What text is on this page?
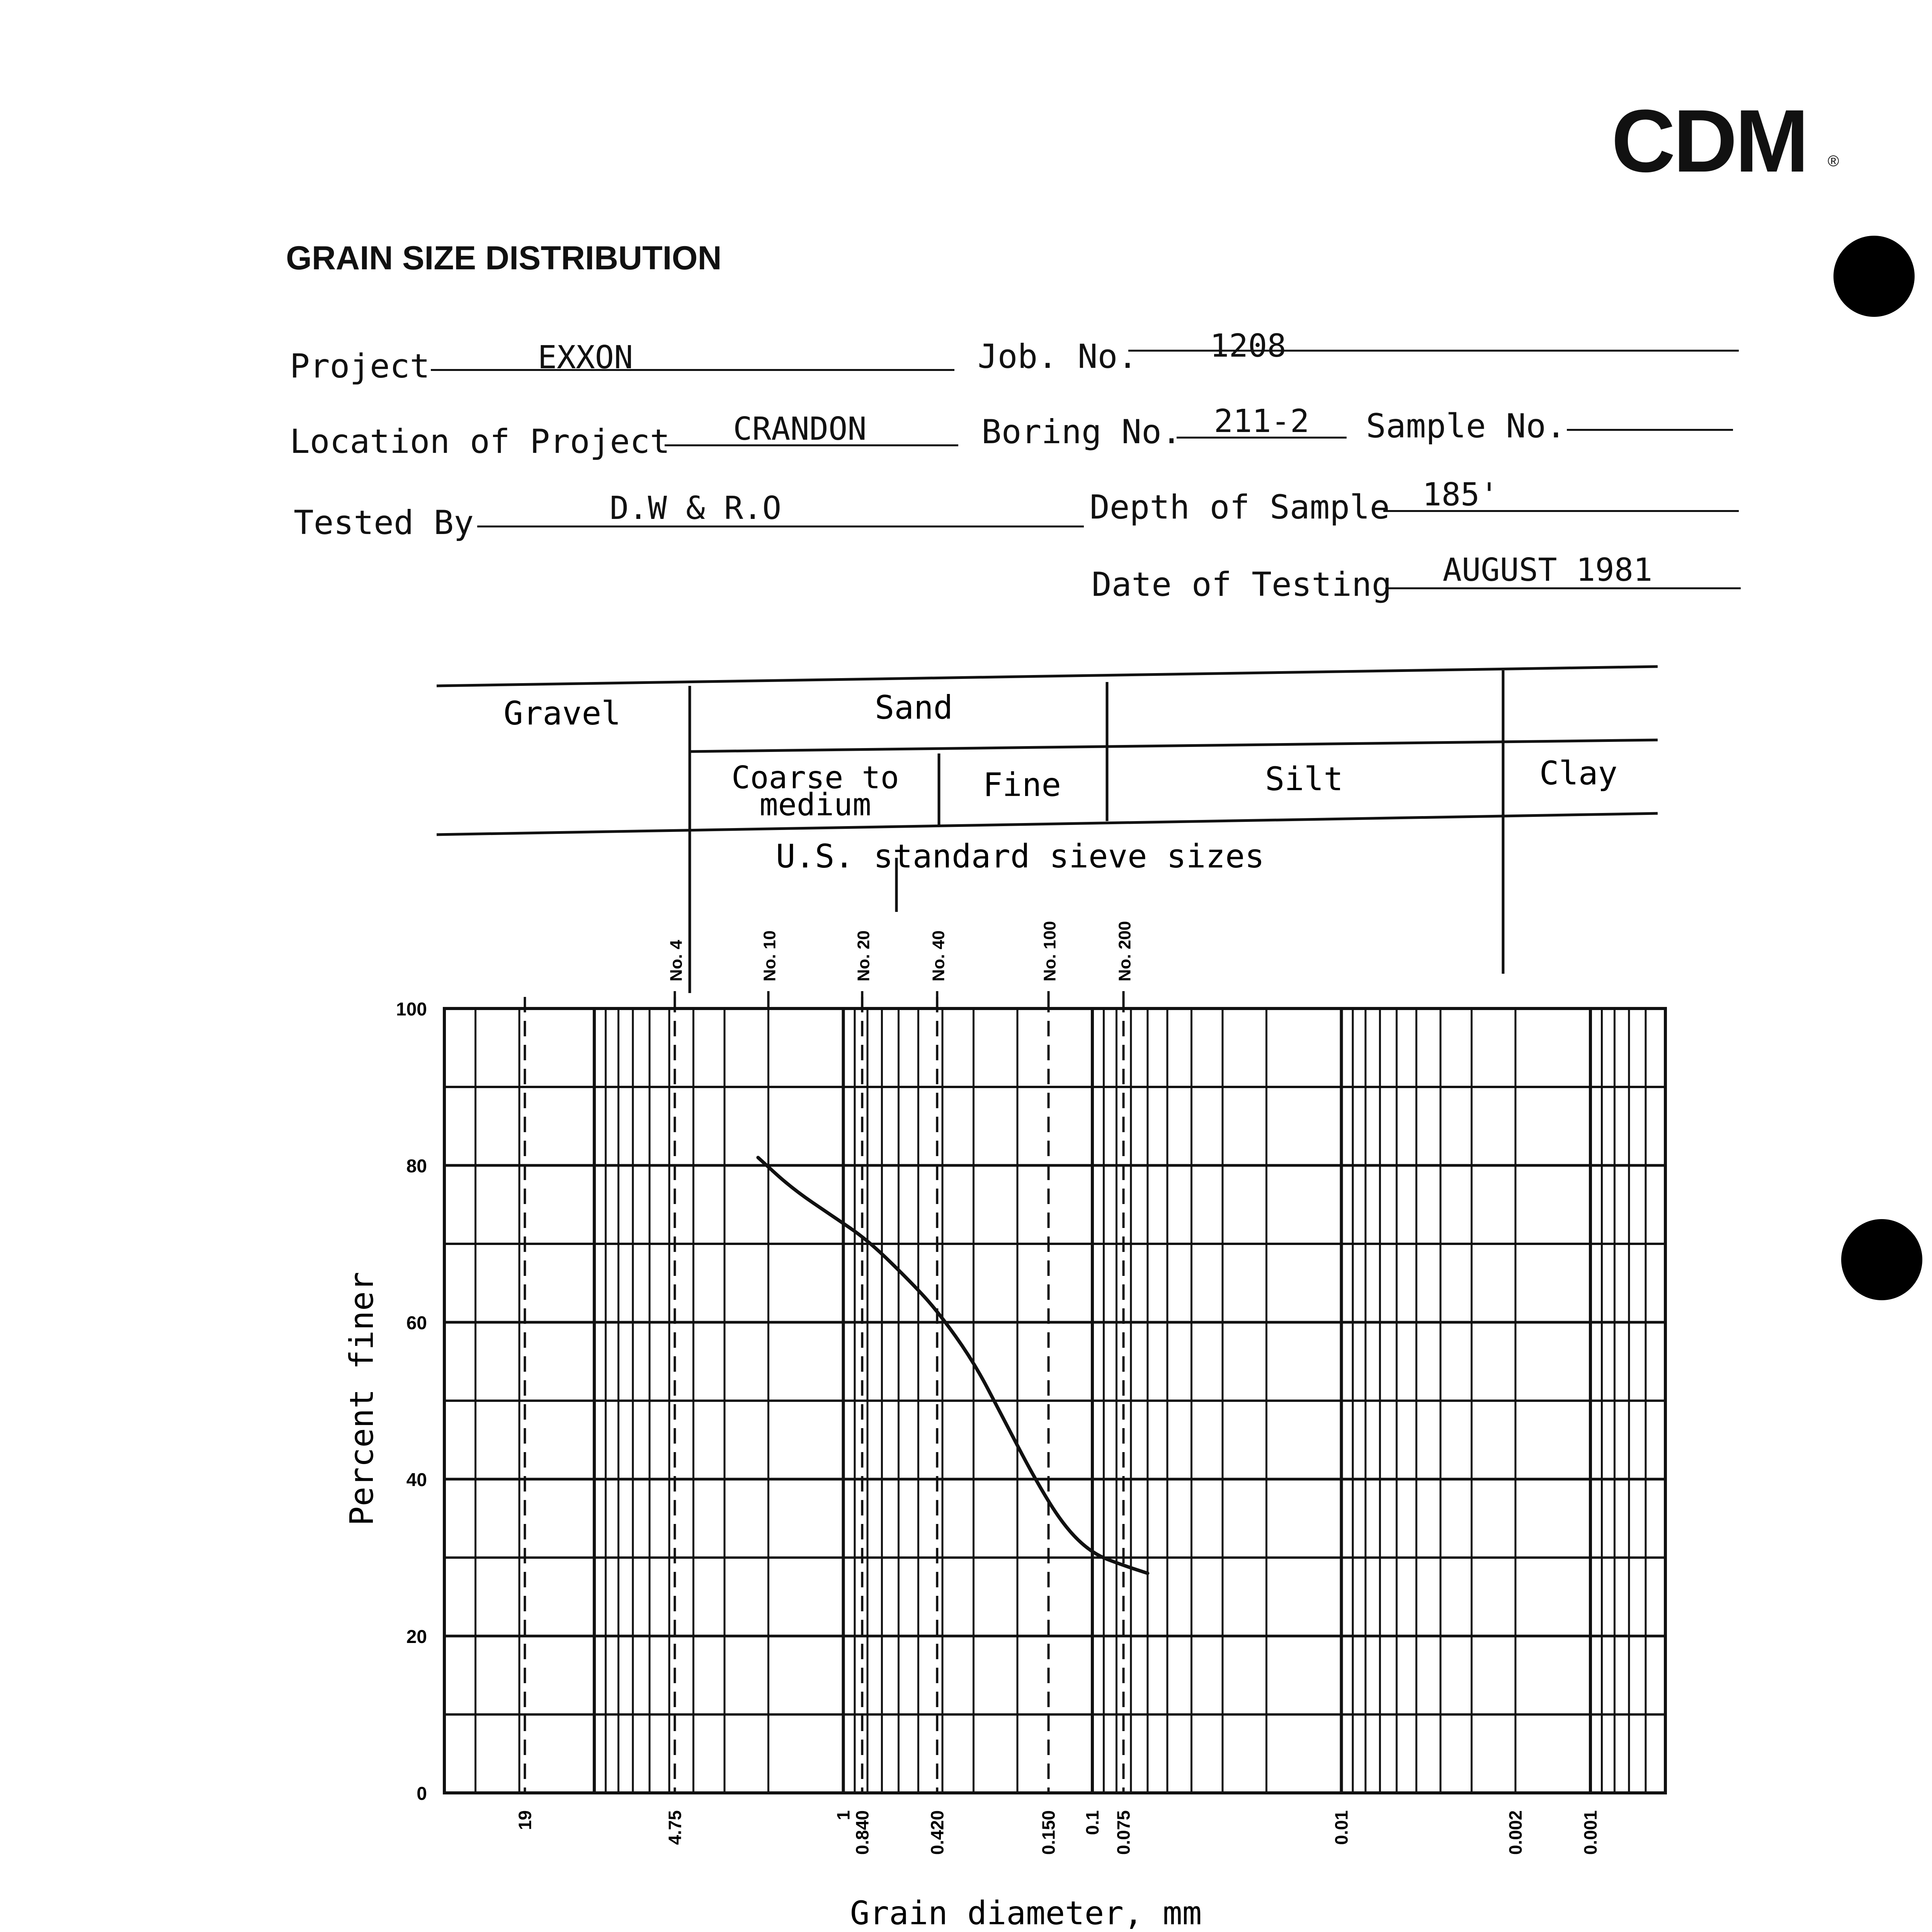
CDM ®
GRAIN SIZE DISTRIBUTION
Project	EXXON	Job. No.	1208
Location of Project	CRANDON	Boring No.	211-2	Sample No.
Tested By	D.W & R.O	Depth of Sample	185'
Date of Testing	AUGUST 1981
Gravel	Sand
Coarse to
medium
Fine	Silt	Clay
U.S. standard sieve sizes
No. 4	No. 10	No. 20	No. 40	No. 100	No. 200
0
20
40
60
80
100
19	4.75	1
0.840	0.420	0.150 0.1 0.075	0.01	0.002	0.001
Grain diameter, mm
Percent finer
